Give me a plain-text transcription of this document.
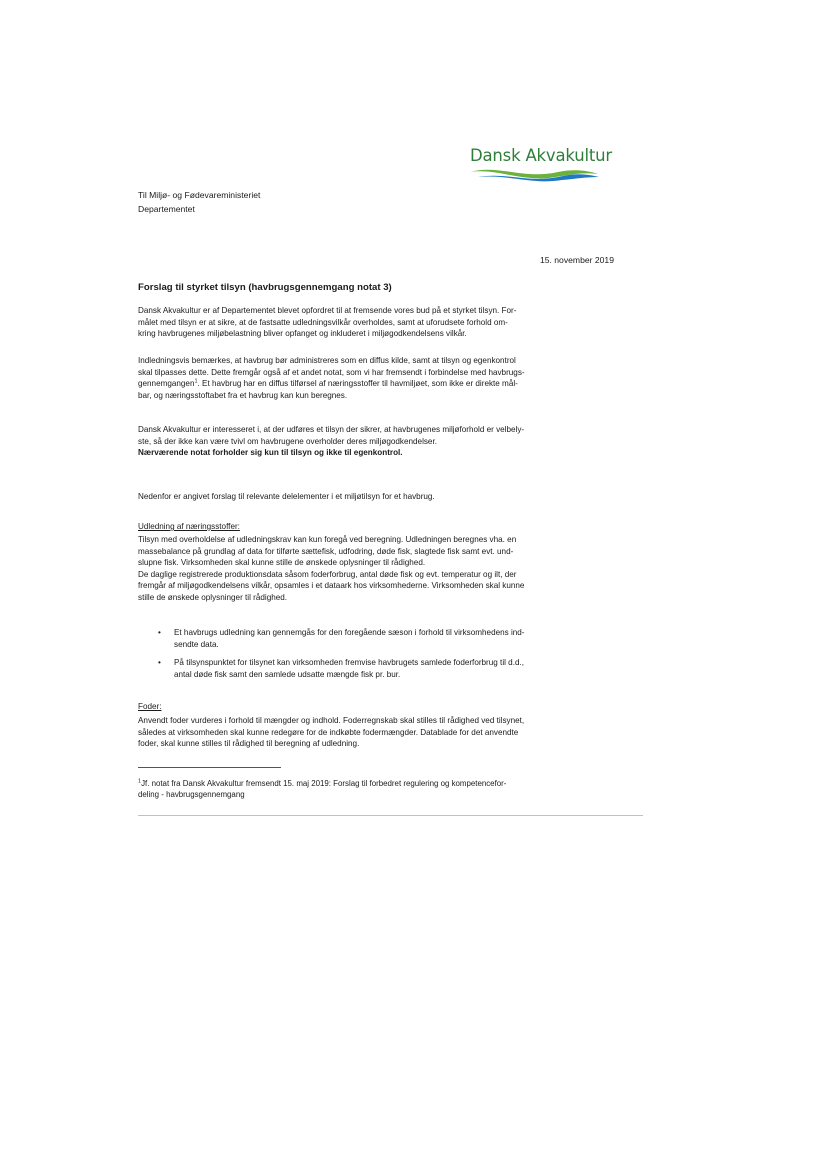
Dansk Akvakultur
Til Miljø- og Fødevareministeriet
Departementet
15. november 2019
Forslag til styrket tilsyn (havbrugsgennemgang notat 3)
Dansk Akvakultur er af Departementet blevet opfordret til at fremsende vores bud på et styrket tilsyn. For-
målet med tilsyn er at sikre, at de fastsatte udledningsvilkår overholdes, samt at uforudsete forhold om-
kring havbrugenes miljøbelastning bliver opfanget og inkluderet i miljøgodkendelsens vilkår.
Indledningsvis bemærkes, at havbrug bør administreres som en diffus kilde, samt at tilsyn og egenkontrol
skal tilpasses dette. Dette fremgår også af et andet notat, som vi har fremsendt i forbindelse med havbrugs-
gennemgangen$^1$. Et havbrug har en diffus tilførsel af næringsstoffer til havmiljøet, som ikke er direkte mål-
bar, og næringsstoftabet fra et havbrug kan kun beregnes.
Dansk Akvakultur er interesseret i, at der udføres et tilsyn der sikrer, at havbrugenes miljøforhold er velbely-
ste, så der ikke kan være tvivl om havbrugene overholder deres miljøgodkendelser.
Nærværende notat forholder sig kun til tilsyn og ikke til egenkontrol.
Nedenfor er angivet forslag til relevante delelementer i et miljøtilsyn for et havbrug.
Udledning af næringsstoffer:
Tilsyn med overholdelse af udledningskrav kan kun foregå ved beregning. Udledningen beregnes vha. en
massebalance på grundlag af data for tilførte sættefisk, udfodring, døde fisk, slagtede fisk samt evt. und-
slupne fisk. Virksomheden skal kunne stille de ønskede oplysninger til rådighed.
De daglige registrerede produktionsdata såsom foderforbrug, antal døde fisk og evt. temperatur og ilt, der
fremgår af miljøgodkendelsens vilkår, opsamles i et dataark hos virksomhederne. Virksomheden skal kunne
stille de ønskede oplysninger til rådighed.
• Et havbrugs udledning kan gennemgås for den foregående sæson i forhold til virksomhedens ind-
sendte data.
• På tilsynspunktet for tilsynet kan virksomheden fremvise havbrugets samlede foderforbrug til d.d.,
antal døde fisk samt den samlede udsatte mængde fisk pr. bur.
Foder:
Anvendt foder vurderes i forhold til mængder og indhold. Foderregnskab skal stilles til rådighed ved tilsynet,
således at virksomheden skal kunne redegøre for de indkøbte fodermængder. Datablade for det anvendte
foder, skal kunne stilles til rådighed til beregning af udledning.
$^1$Jf. notat fra Dansk Akvakultur fremsendt 15. maj 2019: Forslag til forbedret regulering og kompetencefor-
deling - havbrugsgennemgang
